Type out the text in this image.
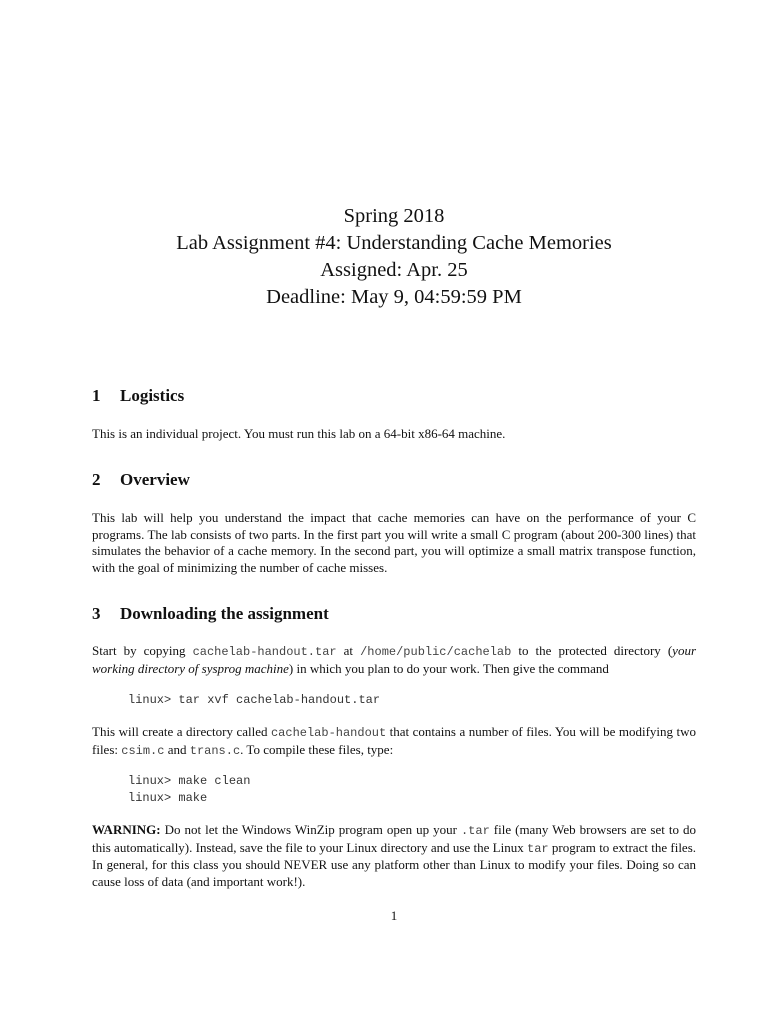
Spring 2018
Lab Assignment #4: Understanding Cache Memories
Assigned: Apr. 25
Deadline: May 9, 04:59:59 PM
1 Logistics

This is an individual project. You must run this lab on a 64-bit x86-64 machine.

2 Overview

This lab will help you understand the impact that cache memories can have on the performance of your C programs. The lab consists of two parts. In the first part you will write a small C program (about 200-300 lines) that simulates the behavior of a cache memory. In the second part, you will optimize a small matrix transpose function, with the goal of minimizing the number of cache misses.

3 Downloading the assignment

Start by copying cachelab-handout.tar at /home/public/cachelab to the protected directory (your working directory of sysprog machine) in which you plan to do your work. Then give the command

linux> tar xvf cachelab-handout.tar

This will create a directory called cachelab-handout that contains a number of files. You will be modifying two files: csim.c and trans.c. To compile these files, type:

linux> make clean
linux> make

WARNING: Do not let the Windows WinZip program open up your .tar file (many Web browsers are set to do this automatically). Instead, save the file to your Linux directory and use the Linux tar program to extract the files. In general, for this class you should NEVER use any platform other than Linux to modify your files. Doing so can cause loss of data (and important work!).

1
